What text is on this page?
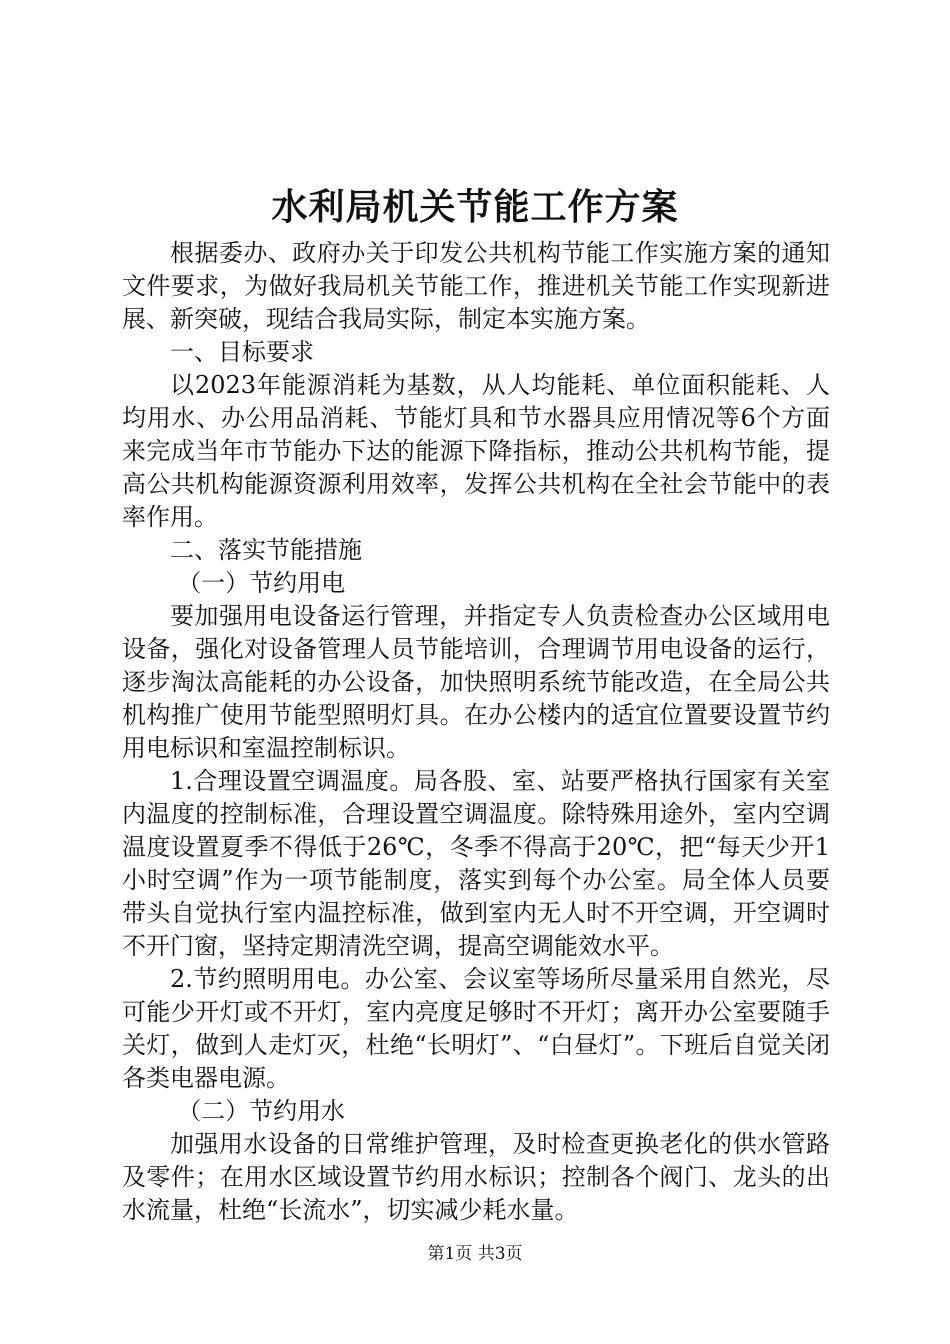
水利局机关节能工作方案

根据委办、政府办关于印发公共机构节能工作实施方案的通知文件要求，为做好我局机关节能工作，推进机关节能工作实现新进展、新突破，现结合我局实际，制定本实施方案。

一、目标要求

以2023年能源消耗为基数，从人均能耗、单位面积能耗、人均用水、办公用品消耗、节能灯具和节水器具应用情况等6个方面来完成当年市节能办下达的能源下降指标，推动公共机构节能，提高公共机构能源资源利用效率，发挥公共机构在全社会节能中的表率作用。

二、落实节能措施

（一）节约用电

要加强用电设备运行管理，并指定专人负责检查办公区域用电设备，强化对设备管理人员节能培训，合理调节用电设备的运行，逐步淘汰高能耗的办公设备，加快照明系统节能改造，在全局公共机构推广使用节能型照明灯具。在办公楼内的适宜位置要设置节约用电标识和室温控制标识。

1.合理设置空调温度。局各股、室、站要严格执行国家有关室内温度的控制标准，合理设置空调温度。除特殊用途外，室内空调温度设置夏季不得低于26℃，冬季不得高于20℃，把“每天少开1小时空调”作为一项节能制度，落实到每个办公室。局全体人员要带头自觉执行室内温控标准，做到室内无人时不开空调，开空调时不开门窗，坚持定期清洗空调，提高空调能效水平。

2.节约照明用电。办公室、会议室等场所尽量采用自然光，尽可能少开灯或不开灯，室内亮度足够时不开灯；离开办公室要随手关灯，做到人走灯灭，杜绝“长明灯”、“白昼灯”。下班后自觉关闭各类电器电源。

（二）节约用水

加强用水设备的日常维护管理，及时检查更换老化的供水管路及零件；在用水区域设置节约用水标识；控制各个阀门、龙头的出水流量，杜绝“长流水”，切实减少耗水量。

第1页 共3页
